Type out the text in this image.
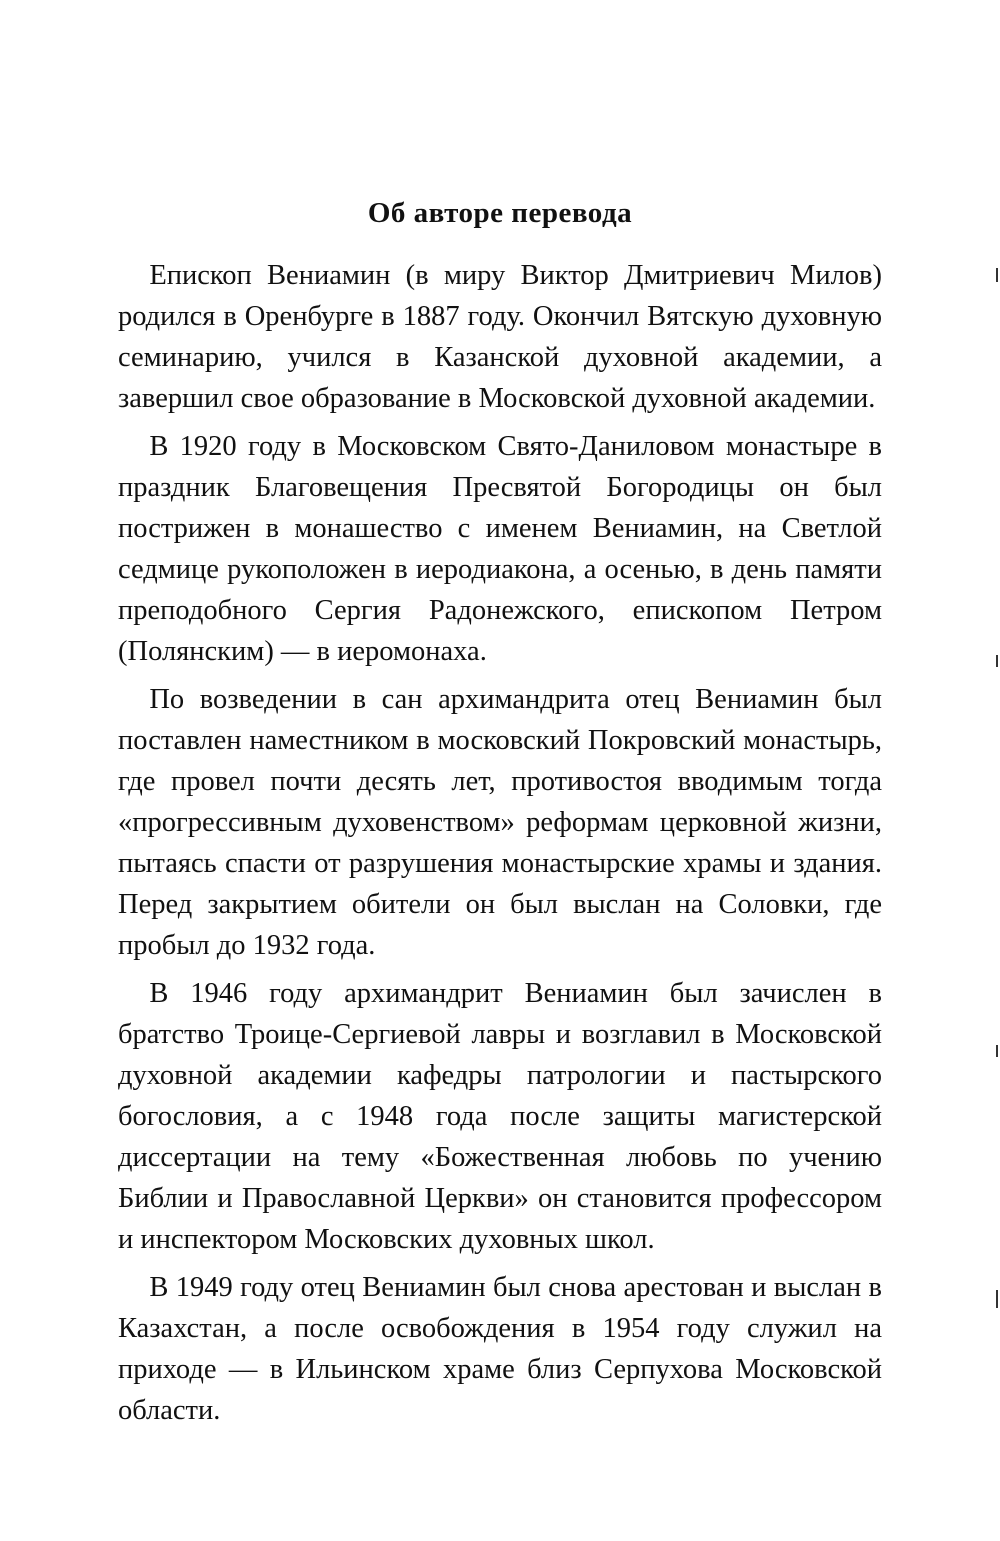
Об авторе перевода

Епископ Вениамин (в миру Виктор Дмитриевич Милов) родился в Оренбурге в 1887 году. Окончил Вятскую духовную семинарию, учился в Казанской духовной академии, а завершил свое образование в Московской духовной академии.

В 1920 году в Московском Свято-Даниловом монастыре в праздник Благовещения Пресвятой Богородицы он был пострижен в монашество с именем Вениамин, на Светлой седмице рукоположен в иеродиакона, а осенью, в день памяти преподобного Сергия Радонежского, епископом Петром (Полянским) — в иеромонаха.

По возведении в сан архимандрита отец Вениамин был поставлен наместником в московский Покровский монастырь, где провел почти десять лет, противостоя вводимым тогда «прогрессивным духовенством» реформам церковной жизни, пытаясь спасти от разрушения монастырские храмы и здания. Перед закрытием обители он был выслан на Соловки, где пробыл до 1932 года.

В 1946 году архимандрит Вениамин был зачислен в братство Троице-Сергиевой лавры и возглавил в Московской духовной академии кафедры патрологии и пастырского богословия, а с 1948 года после защиты магистерской диссертации на тему «Божественная любовь по учению Библии и Православной Церкви» он становится профессором и инспектором Московских духовных школ.

В 1949 году отец Вениамин был снова арестован и выслан в Казахстан, а после освобождения в 1954 году служил на приходе — в Ильинском храме близ Серпухова Московской области.
